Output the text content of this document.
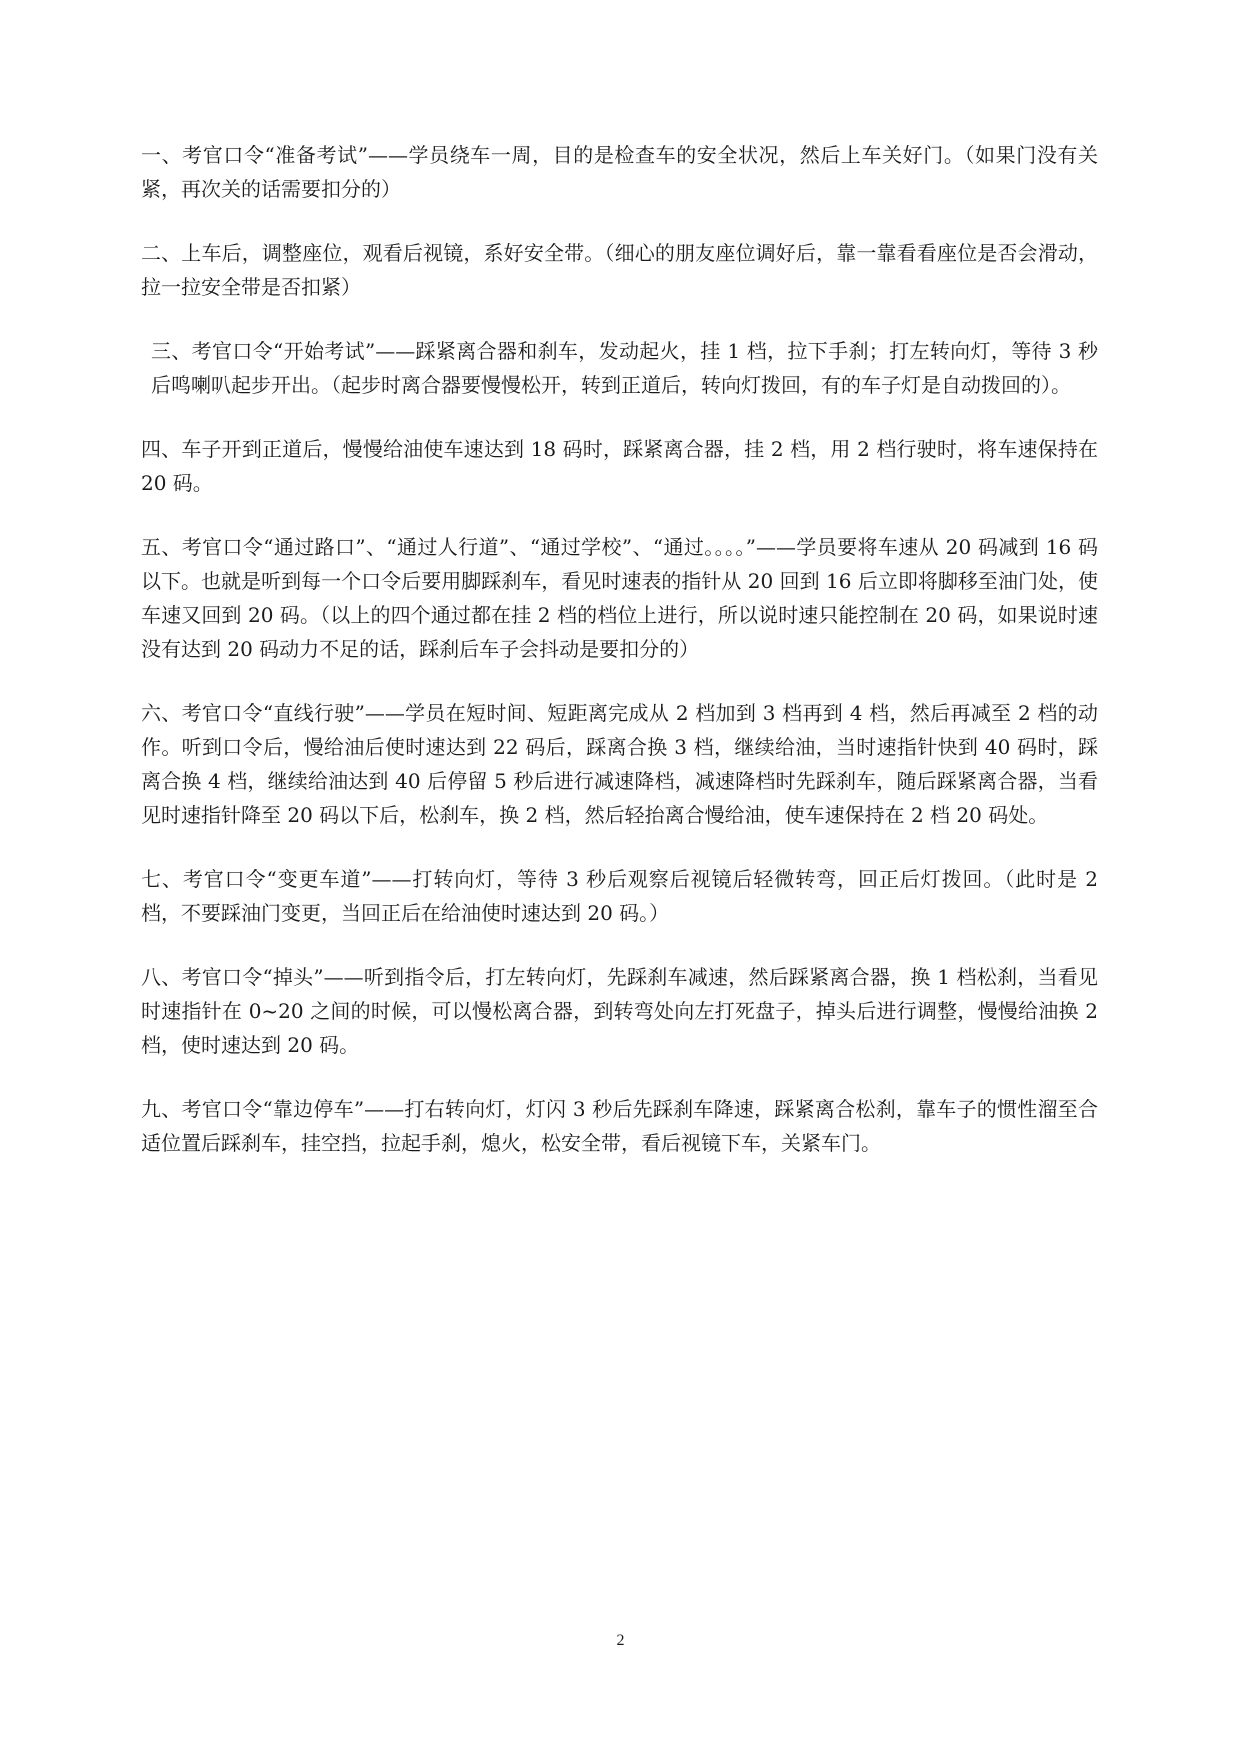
一、考官口令“准备考试”——学员绕车一周，目的是检查车的安全状况，然后上车关好门。（如果门没有关紧，再次关的话需要扣分的）

二、上车后，调整座位，观看后视镜，系好安全带。（细心的朋友座位调好后，靠一靠看看座位是否会滑动，拉一拉安全带是否扣紧）

三、考官口令“开始考试”——踩紧离合器和刹车，发动起火，挂 1 档，拉下手刹；打左转向灯，等待 3 秒后鸣喇叭起步开出。（起步时离合器要慢慢松开，转到正道后，转向灯拨回，有的车子灯是自动拨回的）。

四、车子开到正道后，慢慢给油使车速达到 18 码时，踩紧离合器，挂 2 档，用 2 档行驶时，将车速保持在 20 码。

五、考官口令“通过路口”、“通过人行道”、“通过学校”、“通过。。。。”——学员要将车速从 20 码减到 16 码以下。也就是听到每一个口令后要用脚踩刹车，看见时速表的指针从 20 回到 16 后立即将脚移至油门处，使车速又回到 20 码。（以上的四个通过都在挂 2 档的档位上进行，所以说时速只能控制在 20 码，如果说时速没有达到 20 码动力不足的话，踩刹后车子会抖动是要扣分的）

六、考官口令“直线行驶”——学员在短时间、短距离完成从 2 档加到 3 档再到 4 档，然后再减至 2 档的动作。听到口令后，慢给油后使时速达到 22 码后，踩离合换 3 档，继续给油，当时速指针快到 40 码时，踩离合换 4 档，继续给油达到 40 后停留 5 秒后进行减速降档，减速降档时先踩刹车，随后踩紧离合器，当看见时速指针降至 20 码以下后，松刹车，换 2 档，然后轻抬离合慢给油，使车速保持在 2 档 20 码处。

七、考官口令“变更车道”——打转向灯，等待 3 秒后观察后视镜后轻微转弯，回正后灯拨回。（此时是 2 档，不要踩油门变更，当回正后在给油使时速达到 20 码。）

八、考官口令“掉头”——听到指令后，打左转向灯，先踩刹车减速，然后踩紧离合器，换 1 档松刹，当看见时速指针在 0~20 之间的时候，可以慢松离合器，到转弯处向左打死盘子，掉头后进行调整，慢慢给油换 2 档，使时速达到 20 码。

九、考官口令“靠边停车”——打右转向灯，灯闪 3 秒后先踩刹车降速，踩紧离合松刹，靠车子的惯性溜至合适位置后踩刹车，挂空挡，拉起手刹，熄火，松安全带，看后视镜下车，关紧车门。

2
